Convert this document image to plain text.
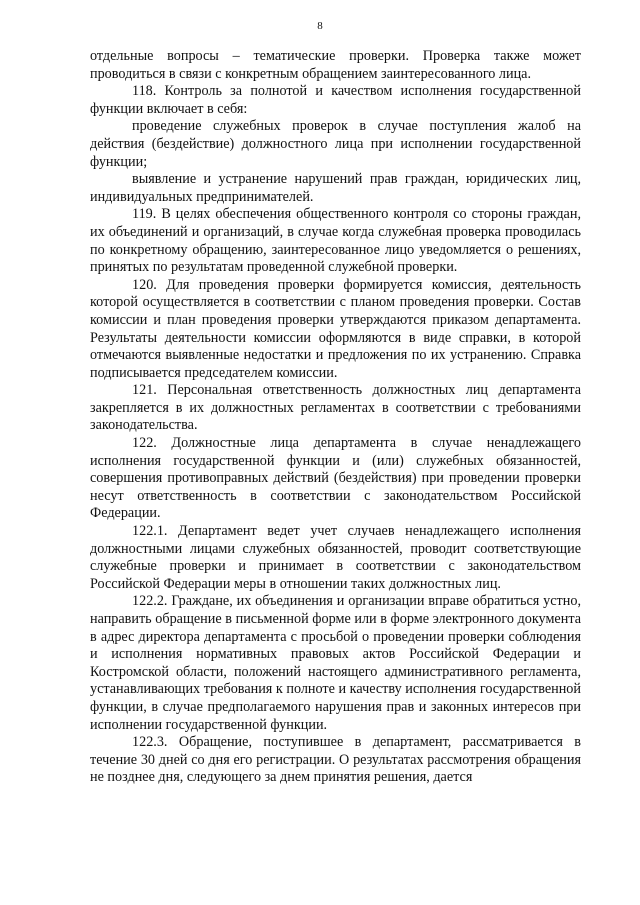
8

отдельные вопросы – тематические проверки. Проверка также может проводиться в связи с конкретным обращением заинтересованного лица.

118. Контроль за полнотой и качеством исполнения государственной функции включает в себя:

проведение служебных проверок в случае поступления жалоб на действия (бездействие) должностного лица при исполнении государственной функции;

выявление и устранение нарушений прав граждан, юридических лиц, индивидуальных предпринимателей.

119. В целях обеспечения общественного контроля со стороны граждан, их объединений и организаций, в случае когда служебная проверка проводилась по конкретному обращению, заинтересованное лицо уведомляется о решениях, принятых по результатам проведенной служебной проверки.

120. Для проведения проверки формируется комиссия, деятельность которой осуществляется в соответствии с планом проведения проверки. Состав комиссии и план проведения проверки утверждаются приказом департамента. Результаты деятельности комиссии оформляются в виде справки, в которой отмечаются выявленные недостатки и предложения по их устранению. Справка подписывается председателем комиссии.

121. Персональная ответственность должностных лиц департамента закрепляется в их должностных регламентах в соответствии с требованиями законодательства.

122. Должностные лица департамента в случае ненадлежащего исполнения государственной функции и (или) служебных обязанностей, совершения противоправных действий (бездействия) при проведении проверки несут ответственность в соответствии с законодательством Российской Федерации.

122.1. Департамент ведет учет случаев ненадлежащего исполнения должностными лицами служебных обязанностей, проводит соответствующие служебные проверки и принимает в соответствии с законодательством Российской Федерации меры в отношении таких должностных лиц.

122.2. Граждане, их объединения и организации вправе обратиться устно, направить обращение в письменной форме или в форме электронного документа в адрес директора департамента с просьбой о проведении проверки соблюдения и исполнения нормативных правовых актов Российской Федерации и Костромской области, положений настоящего административного регламента, устанавливающих требования к полноте и качеству исполнения государственной функции, в случае предполагаемого нарушения прав и законных интересов при исполнении государственной функции.

122.3. Обращение, поступившее в департамент, рассматривается в течение 30 дней со дня его регистрации. О результатах рассмотрения обращения не позднее дня, следующего за днем принятия решения, дается
